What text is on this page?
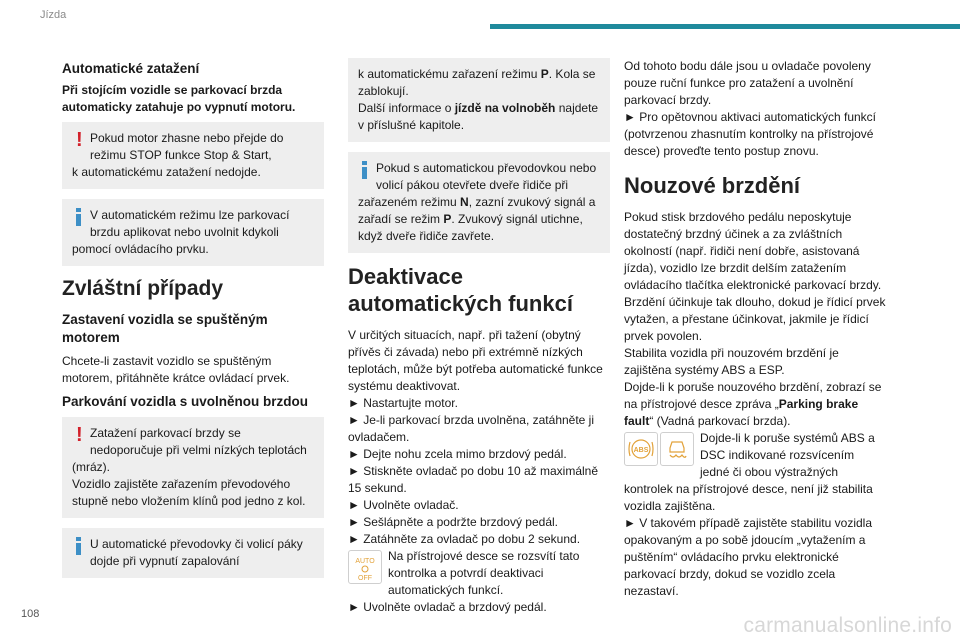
Jízda
Automatické zatažení
Při stojícím vozidle se parkovací brzda automaticky zatahuje po vypnutí motoru.
! Pokud motor zhasne nebo přejde do
režimu STOP funkce Stop & Start,
k automatickému zatažení nedojde.
V automatickém režimu lze parkovací
brzdu aplikovat nebo uvolnit kdykoli
pomocí ovládacího prvku.
Zvláštní případy
Zastavení vozidla se spuštěným motorem
Chcete-li zastavit vozidlo se spuštěným motorem, přitáhněte krátce ovládací prvek.
Parkování vozidla s uvolněnou brzdou
! Zatažení parkovací brzdy se
nedoporučuje při velmi nízkých teplotách
(mráz).
Vozidlo zajistěte zařazením převodového stupně nebo vložením klínů pod jedno z kol.
U automatické převodovky či volicí páky
dojde při vypnutí zapalování
k automatickému zařazení režimu P. Kola se zablokují.
Další informace o jízdě na volnoběh najdete v příslušné kapitole.
Pokud s automatickou převodovkou nebo
volicí pákou otevřete dveře řidiče při
zařazeném režimu N, zazní zvukový signál a zařadí se režim P. Zvukový signál utichne, když dveře řidiče zavřete.
Deaktivace automatických funkcí
V určitých situacích, např. při tažení (obytný přívěs či závada) nebo při extrémně nízkých teplotách, může být potřeba automatické funkce systému deaktivovat.
► Nastartujte motor.
► Je-li parkovací brzda uvolněna, zatáhněte ji ovladačem.
► Dejte nohu zcela mimo brzdový pedál.
► Stiskněte ovladač po dobu 10 až maximálně 15 sekund.
► Uvolněte ovladač.
► Sešlápněte a podržte brzdový pedál.
► Zatáhněte za ovladač po dobu 2 sekund.
AUTO
OFF
Na přístrojové desce se rozsvítí tato kontrolka a potvrdí deaktivaci automatických funkcí.
► Uvolněte ovladač a brzdový pedál.
Od tohoto bodu dále jsou u ovladače povoleny pouze ruční funkce pro zatažení a uvolnění parkovací brzdy.
► Pro opětovnou aktivaci automatických funkcí (potvrzenou zhasnutím kontrolky na přístrojové desce) proveďte tento postup znovu.
Nouzové brzdění
Pokud stisk brzdového pedálu neposkytuje dostatečný brzdný účinek a za zvláštních okolností (např. řidiči není dobře, asistovaná jízda), vozidlo lze brzdit delším zatažením ovládacího tlačítka elektronické parkovací brzdy.
Brzdění účinkuje tak dlouho, dokud je řídicí prvek vytažen, a přestane účinkovat, jakmile je řídicí prvek povolen.
Stabilita vozidla při nouzovém brzdění je zajištěna systémy ABS a ESP.
Dojde-li k poruše nouzového brzdění, zobrazí se na přístrojové desce zpráva „Parking brake fault“ (Vadná parkovací brzda).
ABS
Dojde-li k poruše systémů ABS a DSC indikované rozsvícením jedné či obou výstražných kontrolek na přístrojové desce, není již stabilita vozidla zajištěna.
► V takovém případě zajistěte stabilitu vozidla opakovaným a po sobě jdoucím „vytažením a puštěním“ ovládacího prvku elektronické parkovací brzdy, dokud se vozidlo zcela nezastaví.
108	carmanualsonline.info
